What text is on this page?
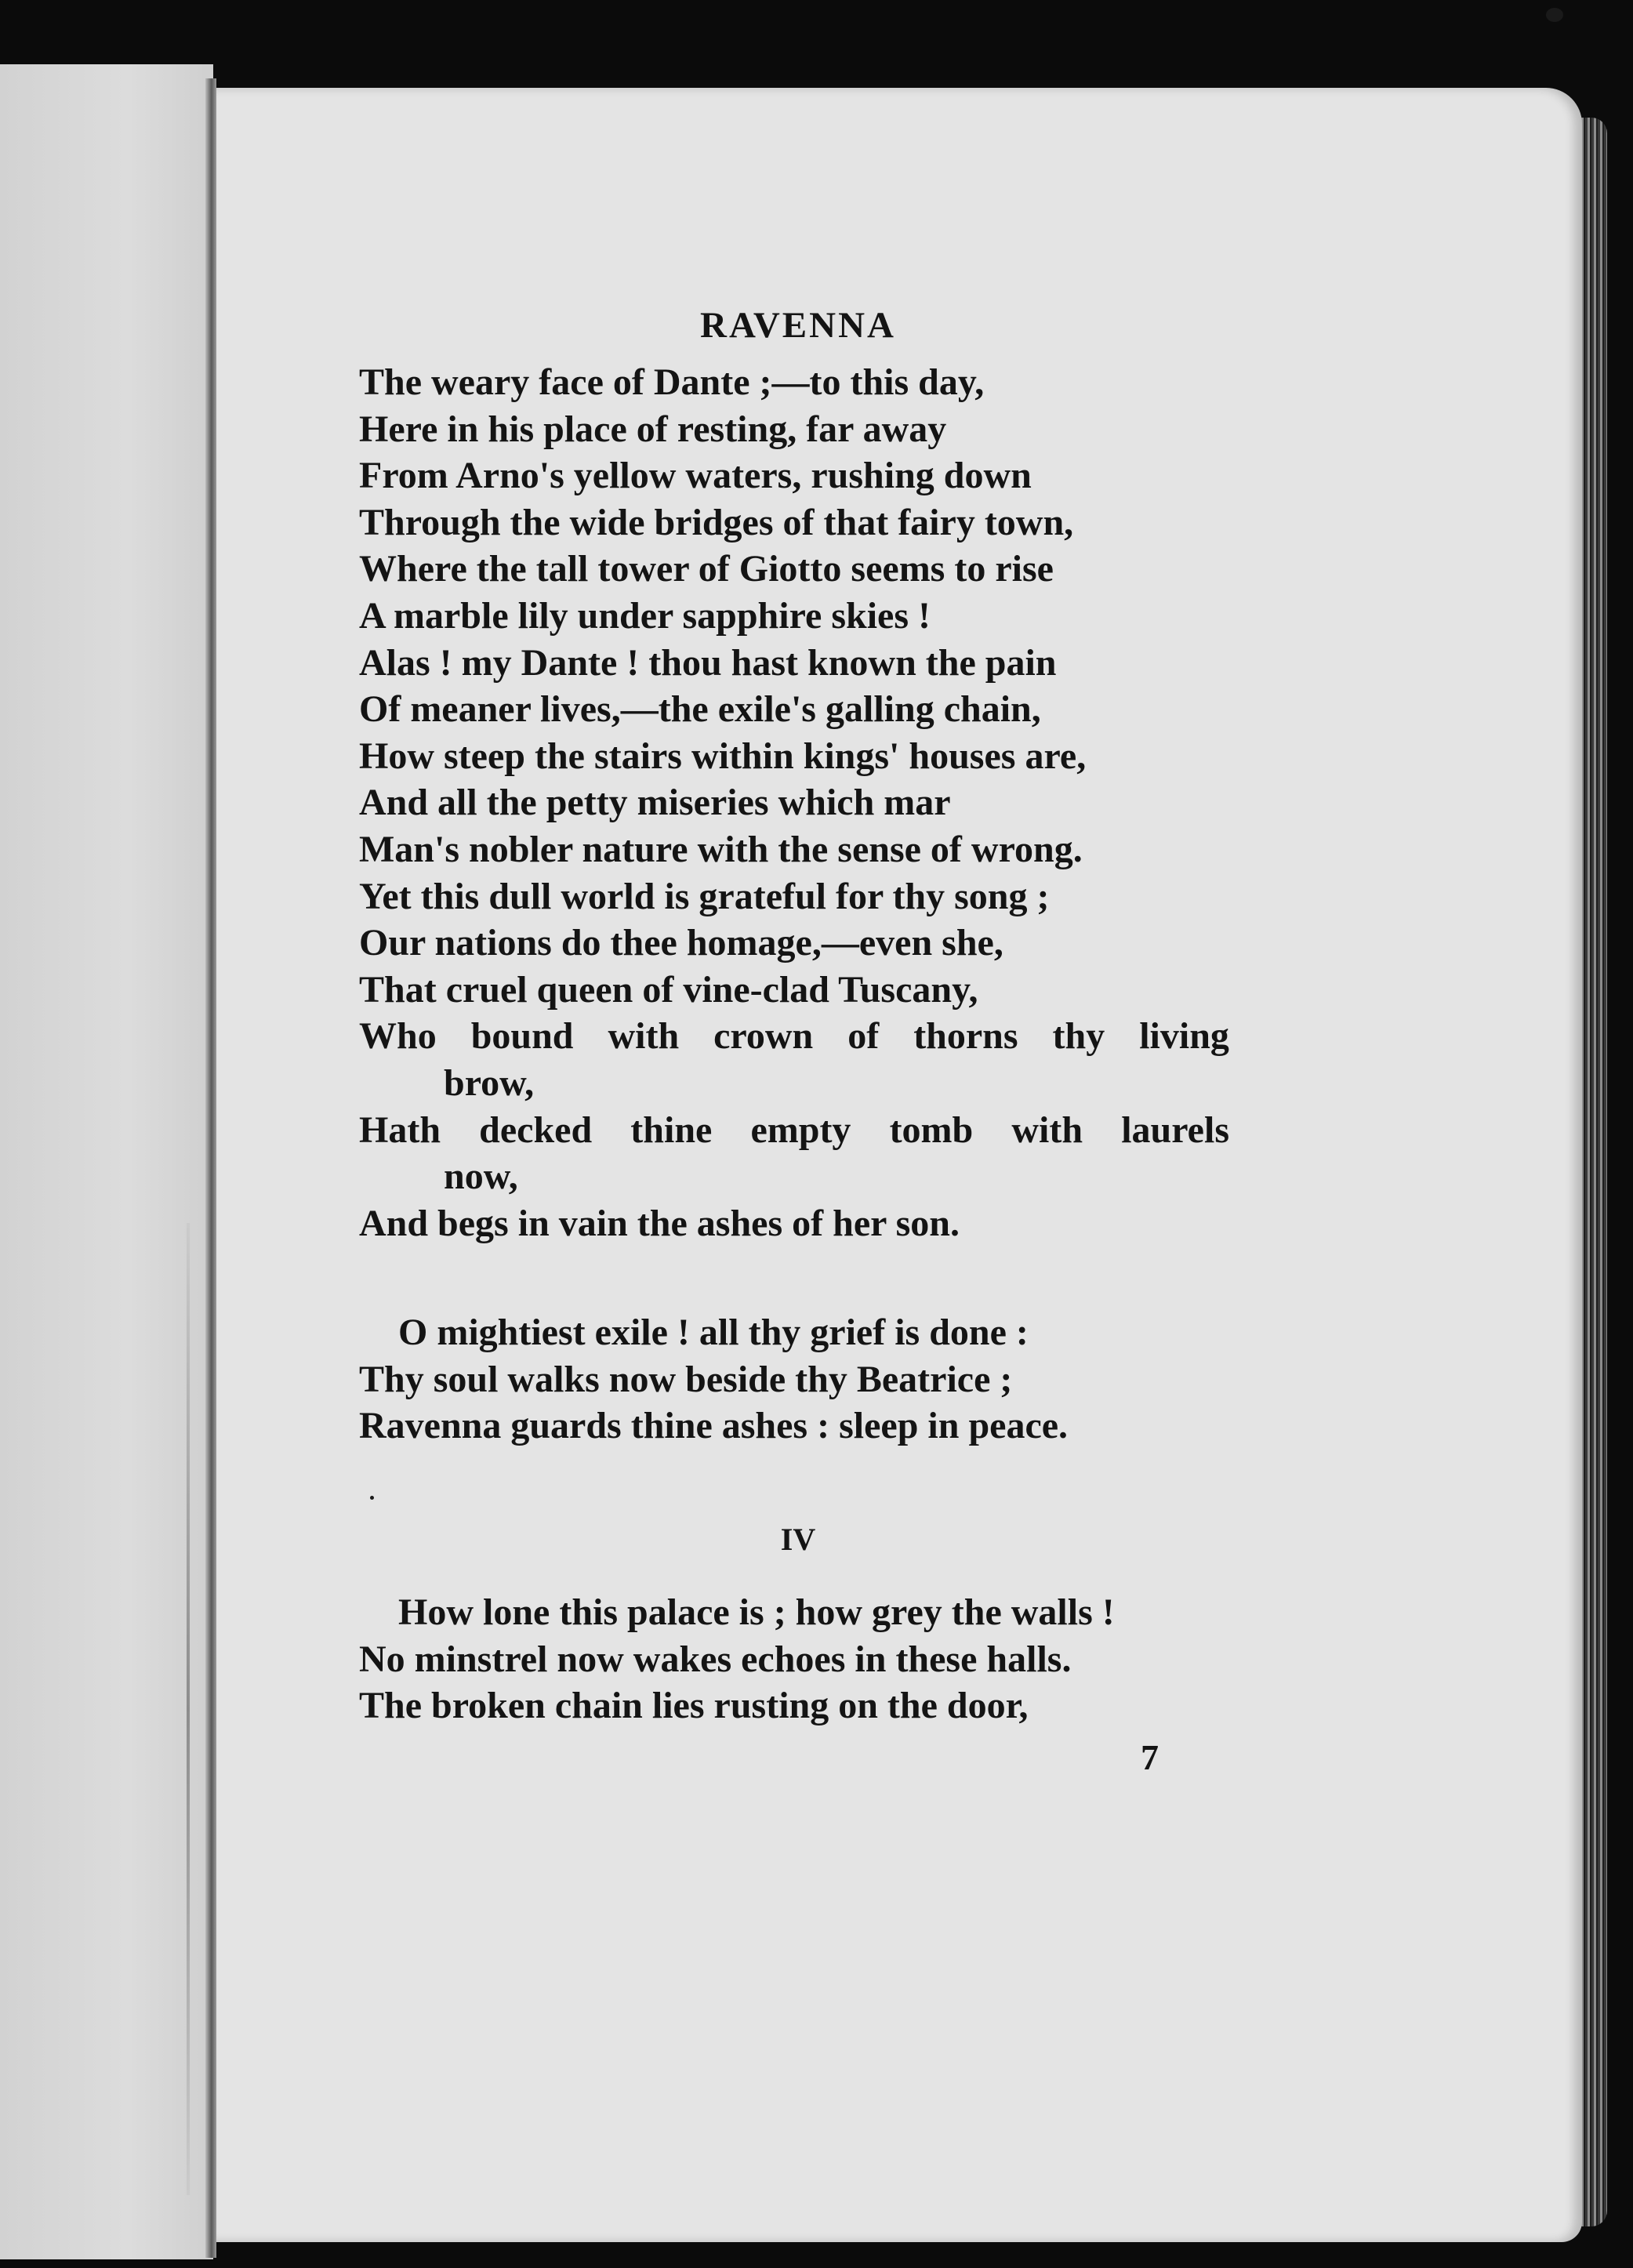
RAVENNA
The weary face of Dante ;—to this day,
Here in his place of resting, far away
From Arno's yellow waters, rushing down
Through the wide bridges of that fairy town,
Where the tall tower of Giotto seems to rise
A marble lily under sapphire skies !
Alas ! my Dante ! thou hast known the pain
Of meaner lives,—the exile's galling chain,
How steep the stairs within kings' houses are,
And all the petty miseries which mar
Man's nobler nature with the sense of wrong.
Yet this dull world is grateful for thy song ;
Our nations do thee homage,—even she,
That cruel queen of vine-clad Tuscany,
Who bound with crown of thorns thy living
brow,
Hath decked thine empty tomb with laurels
now,
And begs in vain the ashes of her son.
O mightiest exile ! all thy grief is done :
Thy soul walks now beside thy Beatrice ;
Ravenna guards thine ashes : sleep in peace.
IV
How lone this palace is ; how grey the walls !
No minstrel now wakes echoes in these halls.
The broken chain lies rusting on the door,
7
